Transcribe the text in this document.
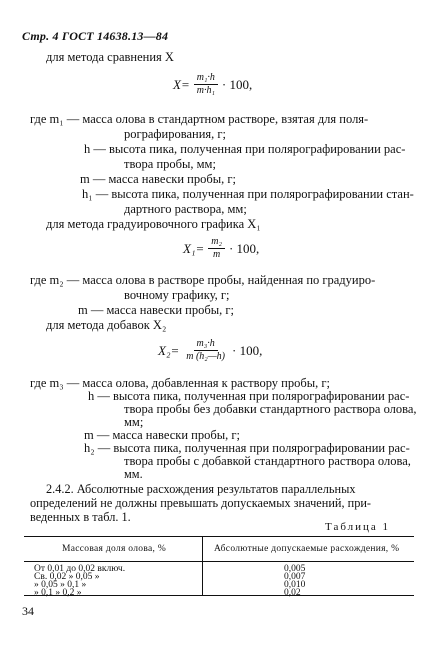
Стр. 4 ГОСТ 14638.13—84
для метода сравнения X
$X= \frac{\text{m₁·h}}{\text{m·h₁}} \cdot 100$,
где m₁ — масса олова в стандартном растворе, взятая для поля-
рографирования, г;
h — высота пика, полученная при полярографировании рас-
твора пробы, мм;
m — масса навески пробы, г;
h₁ — высота пика, полученная при полярографировании стан-
дартного раствора, мм;
для метода градуировочного графика X₁
$X_1= \frac{\text{m₂}}{m} \cdot 100$,
где m₂ — масса олова в растворе пробы, найденная по градуиро-
вочному графику, г;
m — масса навески пробы, г;
для метода добавок X₂
$X_2= \frac{\text{m₃·h}}{\text{m (h₂—h)}} \cdot 100$,
где m₃ — масса олова, добавленная к раствору пробы, г;
h — высота пика, полученная при полярографировании рас-
твора пробы без добавки стандартного раствора олова,
мм;
m — масса навески пробы, г;
h₂ — высота пика, полученная при полярографировании рас-
твора пробы с добавкой стандартного раствора олова,
Таблица 1
Массовая доля олова, %	Абсолютные допускаемые расхождения, %
От 0,01 до 0,02 включ.	0,005
Св. 0,02 » 0,05 »	0,007
» 0,05 » 0,1 »	0,010
» 0,1 » 0,2 »	0,02
34
мм.
2.4.2. Абсолютные расхождения результатов параллельных
определений не должны превышать допускаемых значений, при-
веденных в табл. 1.
